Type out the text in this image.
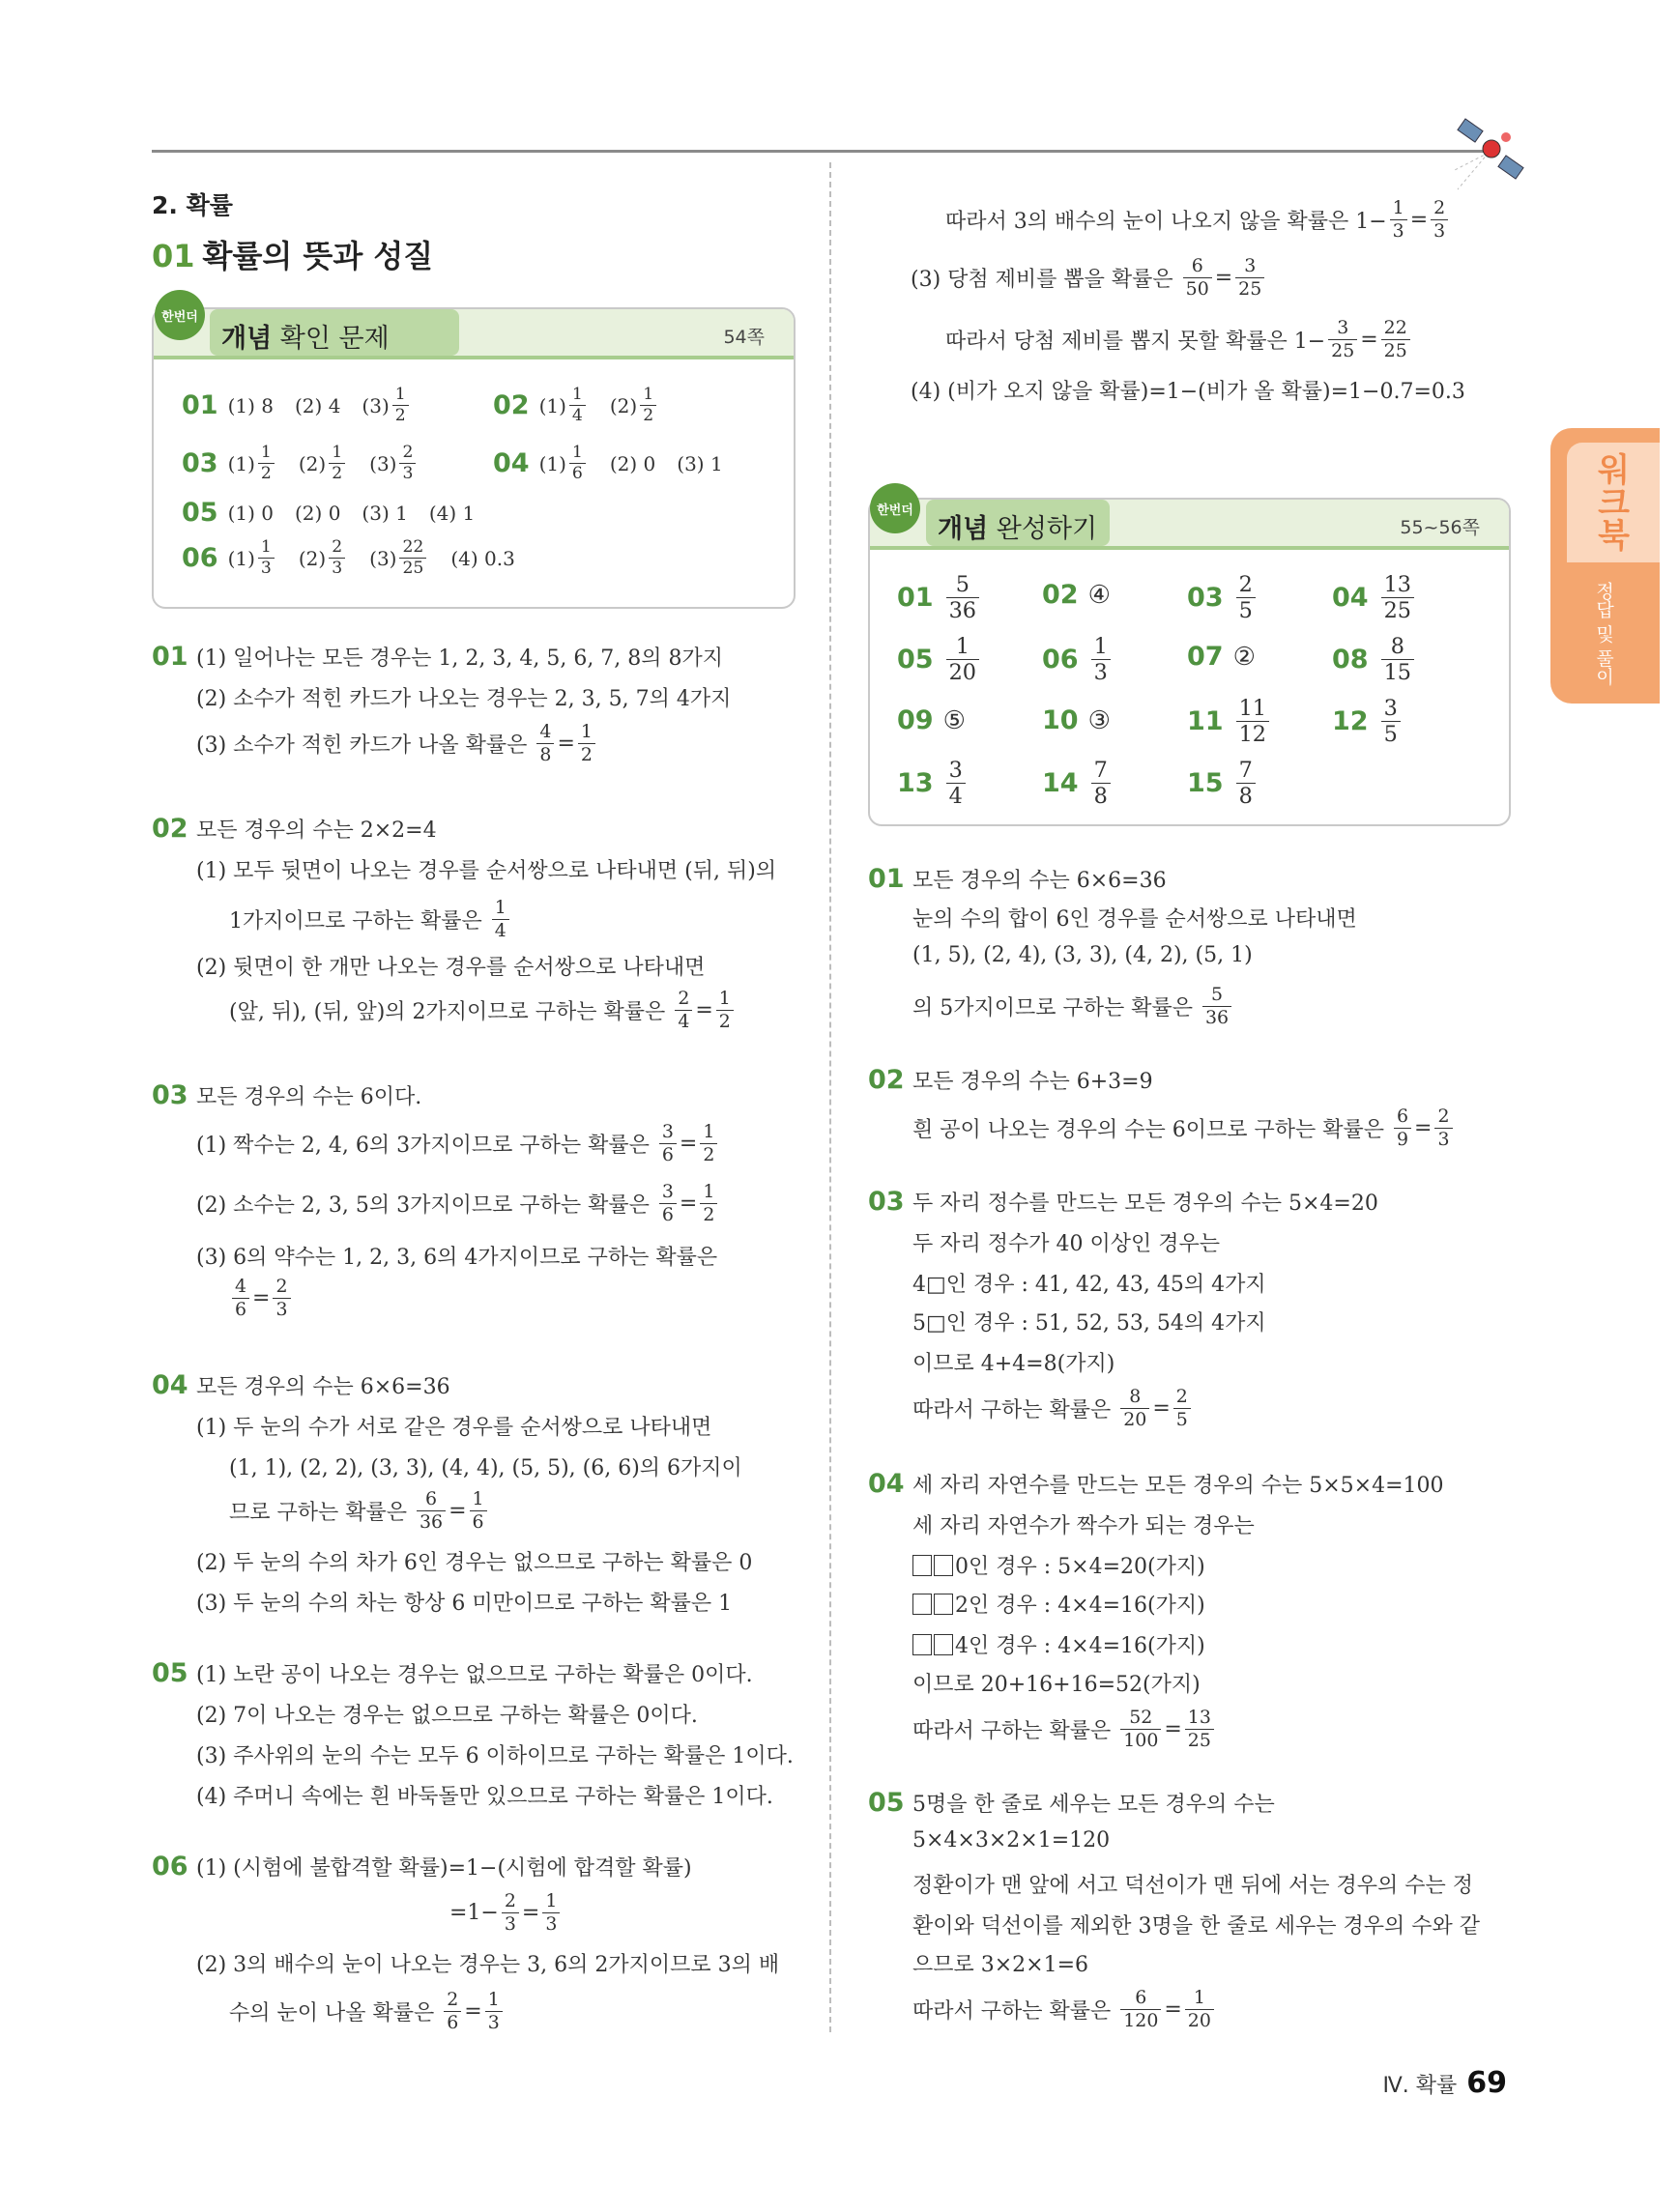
2. 확률
01 확률의 뜻과 성질
개념 확인 문제	54쪽
한번더
01 (1) 8 (2) 4 $(3) \frac{1}{2}$	02 $(1) \frac{1}{4} (2) \frac{1}{2}$
03 $(1) \frac{1}{2} (2) \frac{1}{2} (3) \frac{2}{3}$	04 $(1) \frac{1}{6} (2)$ 0 (3) 1
05 (1) 0 (2) 0 (3) 1 (4) 1
06 $(1) \frac{1}{3} (2) \frac{2}{3} (3) \frac{22}{25} (4)$ 0.3
01 (1) 일어나는 모든 경우는 1, 2, 3, 4, 5, 6, 7, 8의 8가지
(2) 소수가 적힌 카드가 나오는 경우는 2, 3, 5, 7의 4가지
(3) 소수가 적힌 카드가 나올 확률은
$\frac{4}{8} = \frac{1}{2}$
02 모든 경우의 수는 2×2=4
(1) 모두 뒷면이 나오는 경우를 순서쌍으로 나타내면 (뒤, 뒤)의
1가지이므로 구하는 확률은
$\frac{1}{4}$
(2) 뒷면이 한 개만 나오는 경우를 순서쌍으로 나타내면
(앞, 뒤), (뒤, 앞)의 2가지이므로 구하는 확률은
$\frac{2}{4} = \frac{1}{2}$
03 모든 경우의 수는 6이다.
(1) 짝수는 2, 4, 6의 3가지이므로 구하는 확률은
$\frac{3}{6} = \frac{1}{2}$
(2) 소수는 2, 3, 5의 3가지이므로 구하는 확률은
$\frac{3}{6} = \frac{1}{2}$
(3) 6의 약수는 1, 2, 3, 6의 4가지이므로 구하는 확률은
$\frac{4}{6} = \frac{2}{3}$
04 모든 경우의 수는 6×6=36
(1) 두 눈의 수가 서로 같은 경우를 순서쌍으로 나타내면
(1, 1), (2, 2), (3, 3), (4, 4), (5, 5), (6, 6)의 6가지이
므로 구하는 확률은
$\frac{6}{36} = \frac{1}{6}$
(2) 두 눈의 수의 차가 6인 경우는 없으므로 구하는 확률은 0
(3) 두 눈의 수의 차는 항상 6 미만이므로 구하는 확률은 1
05 (1) 노란 공이 나오는 경우는 없으므로 구하는 확률은 0이다.
(2) 7이 나오는 경우는 없으므로 구하는 확률은 0이다.
(3) 주사위의 눈의 수는 모두 6 이하이므로 구하는 확률은 1이다.
(4) 주머니 속에는 흰 바둑돌만 있으므로 구하는 확률은 1이다.
06 (1) (시험에 불합격할 확률)=1−(시험에 합격할 확률)
$=1- \frac{2}{3} = \frac{1}{3}$
(2) 3의 배수의 눈이 나오는 경우는 3, 6의 2가지이므로 3의 배
수의 눈이 나올 확률은
$\frac{2}{6} = \frac{1}{3}$
따라서 3의 배수의 눈이 나오지 않을 확률은 $1- \frac{1}{3} = \frac{2}{3}$
(3) 당첨 제비를 뽑을 확률은
$\frac{6}{50} = \frac{3}{25}$
따라서 당첨 제비를 뽑지 못할 확률은 $1- \frac{3}{25} = \frac{22}{25}$
(4) (비가 오지 않을 확률)=1−(비가 올 확률)=1−0.7=0.3
개념 완성하기	55~56쪽
한번더
$01 \frac{5}{36} 02$ ④	$03 \frac{2}{5}$	$04 \frac{13}{25}$
$05 \frac{1}{20} 06 \frac{1}{3}$	07 ②	$08 \frac{8}{15}$
09 ⑤	10 ③	$11 \frac{11}{12} 12 \frac{3}{5}$
$13 \frac{3}{4}$	$14 \frac{7}{8}$	$15 \frac{7}{8}$
01 모든 경우의 수는 6×6=36
눈의 수의 합이 6인 경우를 순서쌍으로 나타내면
(1, 5), (2, 4), (3, 3), (4, 2), (5, 1)
의 5가지이므로 구하는 확률은
$\frac{5}{36}$
02 모든 경우의 수는 6+3=9
흰 공이 나오는 경우의 수는 6이므로 구하는 확률은
$\frac{6}{9} = \frac{2}{3}$
03 두 자리 정수를 만드는 모든 경우의 수는 5×4=20
두 자리 정수가 40 이상인 경우는
4□인 경우 : 41, 42, 43, 45의 4가지
5□인 경우 : 51, 52, 53, 54의 4가지
이므로 4+4=8(가지)
따라서 구하는 확률은
$\frac{8}{20} = \frac{2}{5}$
04 세 자리 자연수를 만드는 모든 경우의 수는 5×5×4=100
세 자리 자연수가 짝수가 되는 경우는
0인 경우 : 5×4=20(가지)
2인 경우 : 4×4=16(가지)
4인 경우 : 4×4=16(가지)
이므로 20+16+16=52(가지)
따라서 구하는 확률은
$\frac{52}{100} = \frac{13}{25}$
05 5명을 한 줄로 세우는 모든 경우의 수는
5×4×3×2×1=120
정환이가 맨 앞에 서고 덕선이가 맨 뒤에 서는 경우의 수는 정
환이와 덕선이를 제외한 3명을 한 줄로 세우는 경우의 수와 같
으므로 3×2×1=6
따라서 구하는 확률은
$\frac{6}{120} = \frac{1}{20}$
워크북
정답 및 풀이
Ⅳ. 확률 69
